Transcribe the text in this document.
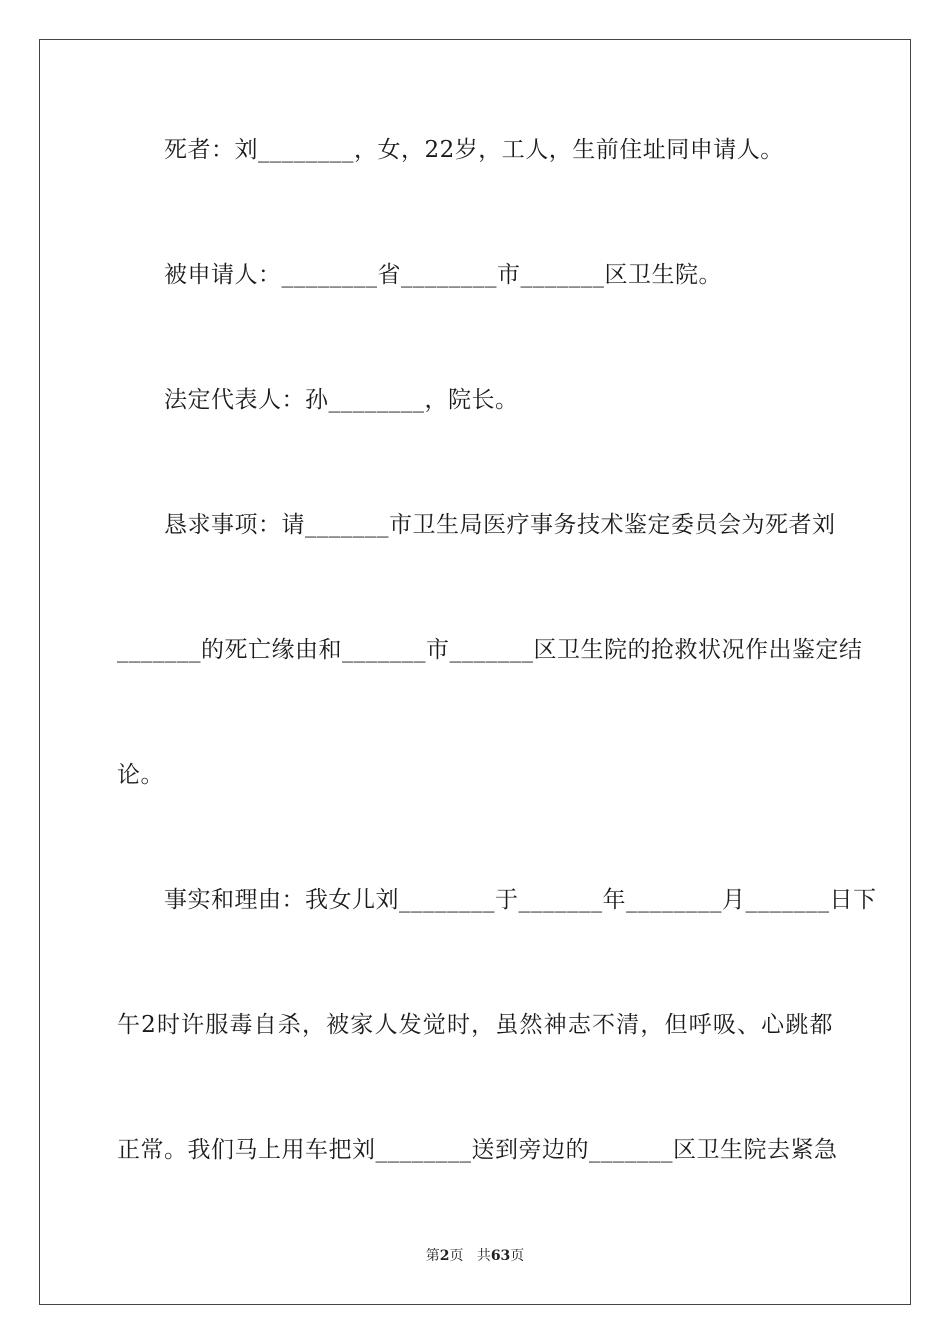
死者：刘________，女，22岁，工人，生前住址同申请人。
被申请人：________省________市_______区卫生院。
法定代表人：孙________，院长。
恳求事项：请_______市卫生局医疗事务技术鉴定委员会为死者刘
_______的死亡缘由和_______市_______区卫生院的抢救状况作出鉴定结
论。
事实和理由：我女儿刘________于_______年________月_______日下
午2时许服毒自杀，被家人发觉时，虽然神志不清，但呼吸、心跳都
正常。我们马上用车把刘________送到旁边的_______区卫生院去紧急
第2页 共63页
